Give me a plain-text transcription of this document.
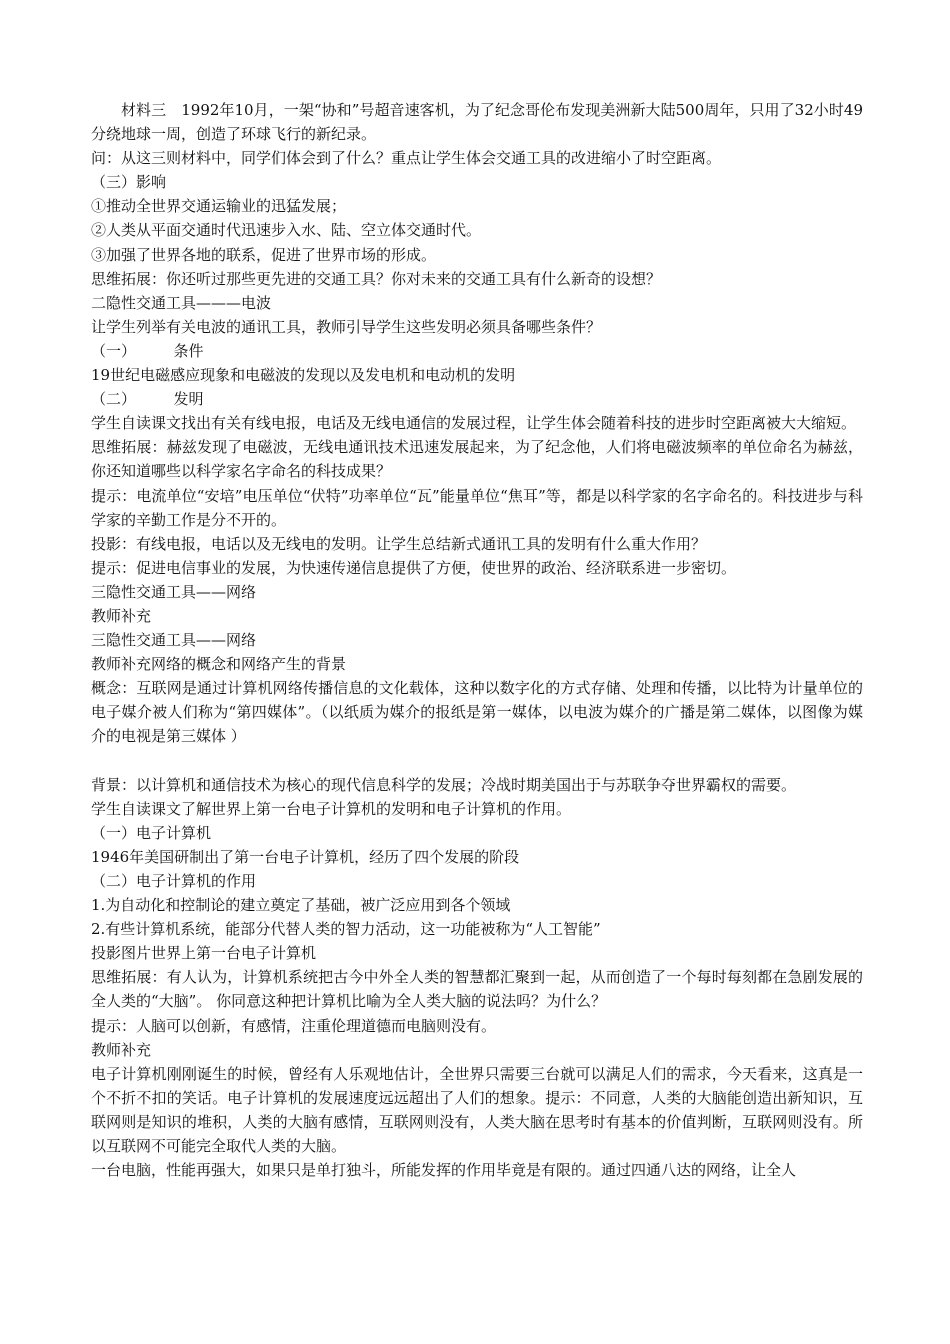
材料三　1992年10月，一架“协和”号超音速客机，为了纪念哥伦布发现美洲新大陆500周年，只用了32小时49分绕地球一周，创造了环球飞行的新纪录。

问：从这三则材料中，同学们体会到了什么？重点让学生体会交通工具的改进缩小了时空距离。

（三）影响

①推动全世界交通运输业的迅猛发展；

②人类从平面交通时代迅速步入水、陆、空立体交通时代。

③加强了世界各地的联系，促进了世界市场的形成。

思维拓展：你还听过那些更先进的交通工具？你对未来的交通工具有什么新奇的设想？

二隐性交通工具———电波

让学生列举有关电波的通讯工具，教师引导学生这些发明必须具备哪些条件？

（一）　　　条件

19世纪电磁感应现象和电磁波的发现以及发电机和电动机的发明

（二）　　　发明

学生自读课文找出有关有线电报，电话及无线电通信的发展过程，让学生体会随着科技的进步时空距离被大大缩短。

思维拓展：赫兹发现了电磁波，无线电通讯技术迅速发展起来，为了纪念他，人们将电磁波频率的单位命名为赫兹，你还知道哪些以科学家名字命名的科技成果？

提示：电流单位“安培”电压单位“伏特”功率单位“瓦”能量单位“焦耳”等，都是以科学家的名字命名的。科技进步与科学家的辛勤工作是分不开的。

投影：有线电报，电话以及无线电的发明。让学生总结新式通讯工具的发明有什么重大作用？

提示：促进电信事业的发展，为快速传递信息提供了方便，使世界的政治、经济联系进一步密切。

三隐性交通工具——网络

教师补充

三隐性交通工具——网络

教师补充网络的概念和网络产生的背景

概念：互联网是通过计算机网络传播信息的文化载体，这种以数字化的方式存储、处理和传播，以比特为计量单位的电子媒介被人们称为“第四媒体”。（以纸质为媒介的报纸是第一媒体，以电波为媒介的广播是第二媒体，以图像为媒介的电视是第三媒体 ）

背景：以计算机和通信技术为核心的现代信息科学的发展；冷战时期美国出于与苏联争夺世界霸权的需要。

学生自读课文了解世界上第一台电子计算机的发明和电子计算机的作用。

（一）电子计算机

1946年美国研制出了第一台电子计算机，经历了四个发展的阶段

（二）电子计算机的作用

1.为自动化和控制论的建立奠定了基础，被广泛应用到各个领域

2.有些计算机系统，能部分代替人类的智力活动，这一功能被称为“人工智能”

投影图片世界上第一台电子计算机

思维拓展：有人认为，计算机系统把古今中外全人类的智慧都汇聚到一起，从而创造了一个每时每刻都在急剧发展的全人类的“大脑”。 你同意这种把计算机比喻为全人类大脑的说法吗？为什么？

提示：人脑可以创新，有感情，注重伦理道德而电脑则没有。

教师补充

电子计算机刚刚诞生的时候，曾经有人乐观地估计，全世界只需要三台就可以满足人们的需求，今天看来，这真是一个不折不扣的笑话。电子计算机的发展速度远远超出了人们的想象。提示：不同意，人类的大脑能创造出新知识，互联网则是知识的堆积，人类的大脑有感情，互联网则没有，人类大脑在思考时有基本的价值判断，互联网则没有。所以互联网不可能完全取代人类的大脑。

一台电脑，性能再强大，如果只是单打独斗，所能发挥的作用毕竟是有限的。通过四通八达的网络，让全人
